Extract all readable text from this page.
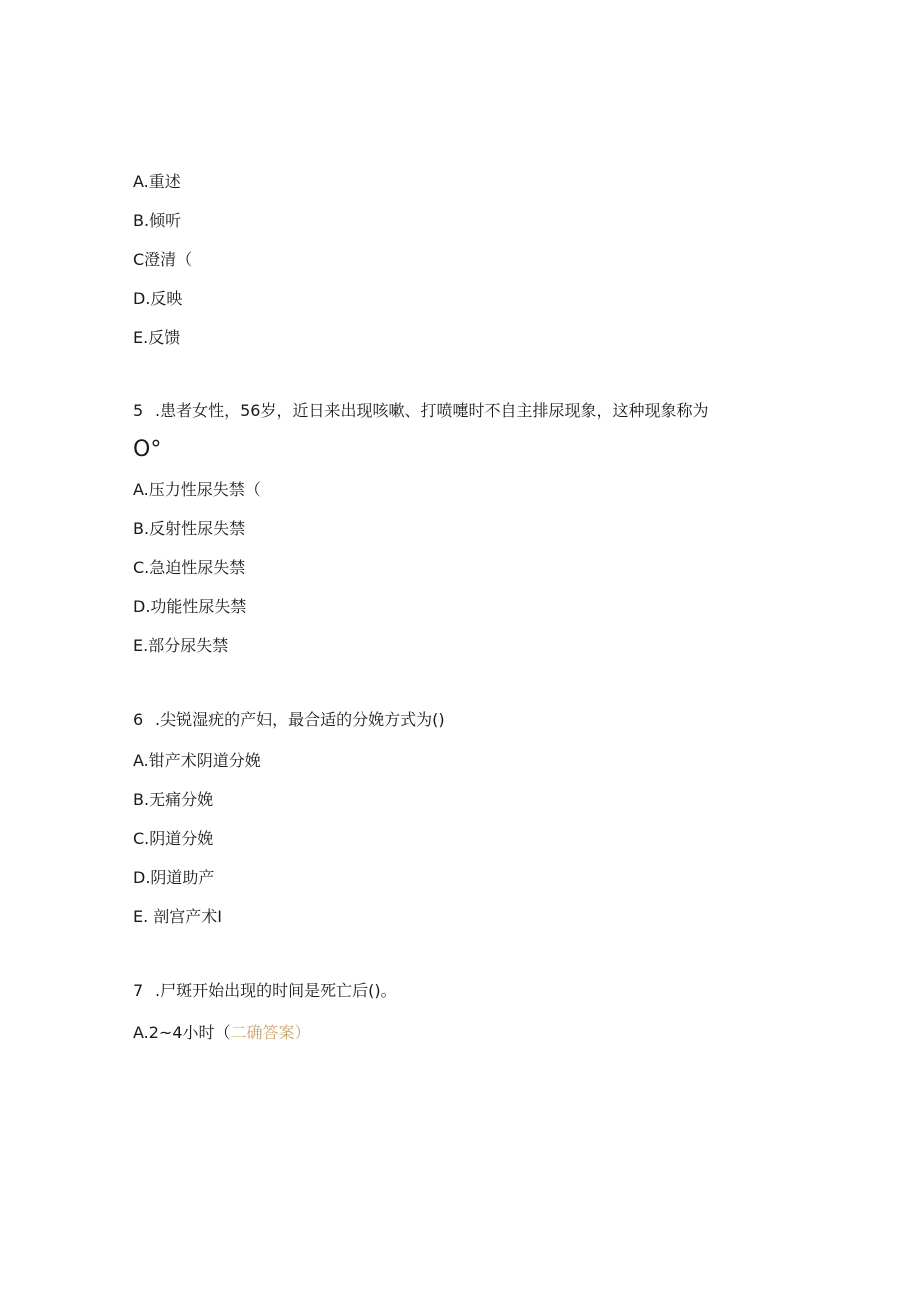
A.重述
B.倾听
C澄清（
D.反映
E.反馈
5 .患者女性，56岁，近日来出现咳嗽、打喷嚏时不自主排尿现象，这种现象称为
O°
A.压力性尿失禁（
B.反射性尿失禁
C.急迫性尿失禁
D.功能性尿失禁
E.部分尿失禁
6 .尖锐湿疣的产妇，最合适的分娩方式为()
A.钳产术阴道分娩
B.无痛分娩
C.阴道分娩
D.阴道助产
E. 剖宫产术I
7 .尸斑开始出现的时间是死亡后()。
A.2~4小时（二确答案）
